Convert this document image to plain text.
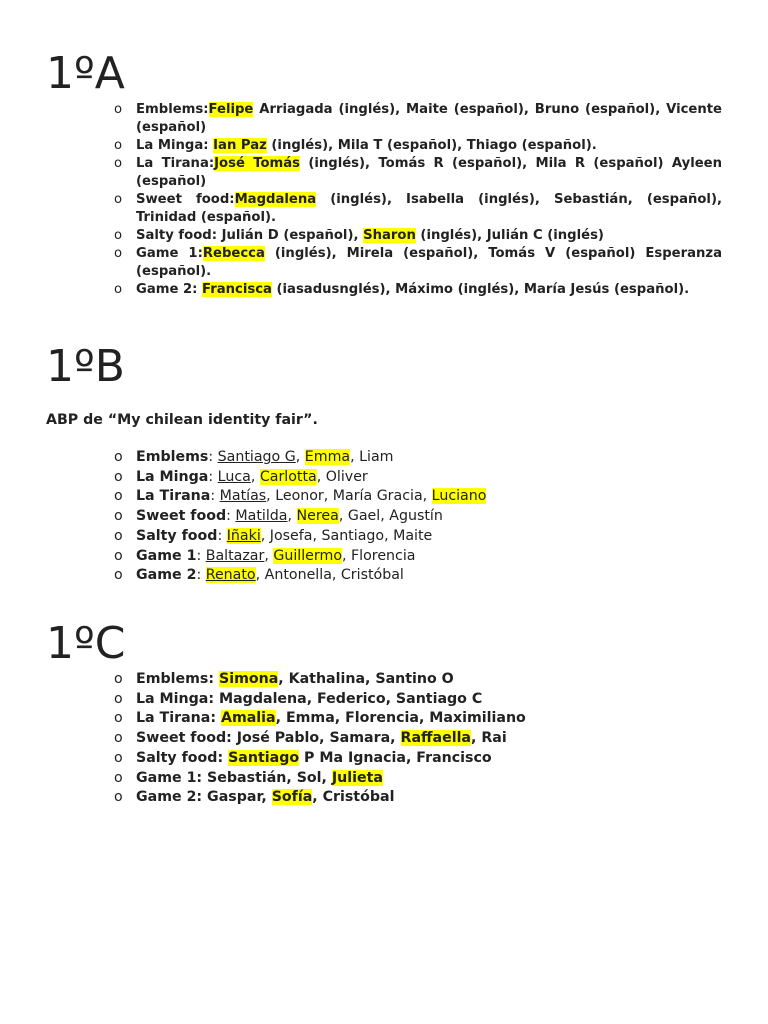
1ºA
o Emblems:Felipe Arriagada (inglés), Maite (español), Bruno (español), Vicente (español)
o La Minga: Ian Paz (inglés), Mila T (español), Thiago (español).
o La Tirana:José Tomás (inglés), Tomás R (español), Mila R (español) Ayleen (español)
o Sweet food:Magdalena (inglés), Isabella (inglés), Sebastián, (español), Trinidad (español).
o Salty food: Julián D (español), Sharon (inglés), Julián C (inglés)
o Game 1:Rebecca (inglés), Mirela (español), Tomás V (español) Esperanza (español).
o Game 2: Francisca (iasadusnglés), Máximo (inglés), María Jesús (español).
1ºB

ABP de “My chilean identity fair”.

o Emblems: Santiago G, Emma, Liam
o La Minga: Luca, Carlotta, Oliver
o La Tirana: Matías, Leonor, María Gracia, Luciano
o Sweet food: Matilda, Nerea, Gael, Agustín
o Salty food: Iñaki, Josefa, Santiago, Maite
o Game 1: Baltazar, Guillermo, Florencia
o Game 2: Renato, Antonella, Cristóbal
1ºC
o Emblems: Simona, Kathalina, Santino O
o La Minga: Magdalena, Federico, Santiago C
o La Tirana: Amalia, Emma, Florencia, Maximiliano
o Sweet food: José Pablo, Samara, Raffaella, Rai
o Salty food: Santiago P Ma Ignacia, Francisco
o Game 1: Sebastián, Sol, Julieta
o Game 2: Gaspar, Sofía, Cristóbal
